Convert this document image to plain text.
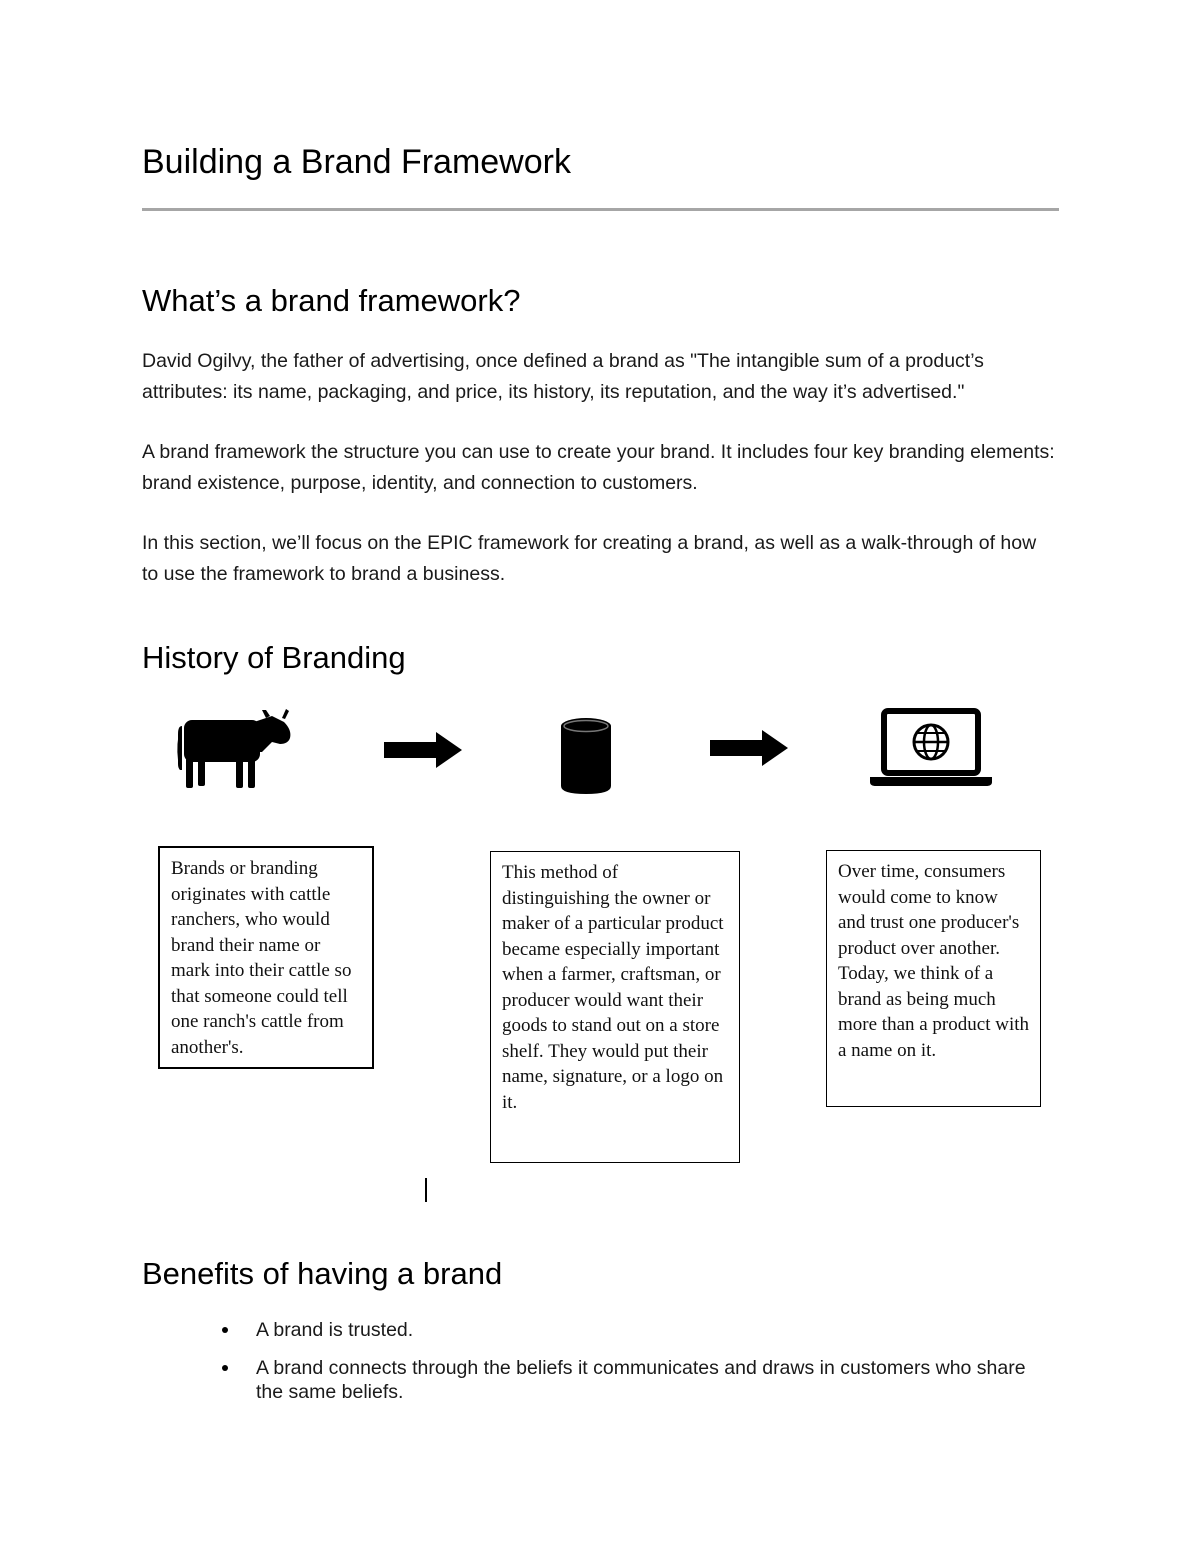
Building a Brand Framework
What’s a brand framework?

David Ogilvy, the father of advertising, once defined a brand as "The intangible sum of a product’s attributes: its name, packaging, and price, its history, its reputation, and the way it’s advertised."

A brand framework the structure you can use to create your brand. It includes four key branding elements: brand existence, purpose, identity, and connection to customers.

In this section, we’ll focus on the EPIC framework for creating a brand, as well as a walk-through of how to use the framework to brand a business.

History of Branding
Brands or branding originates with cattle ranchers, who would brand their name or mark into their cattle so that someone could tell one ranch's cattle from another's.
This method of distinguishing the owner or maker of a particular product became especially important when a farmer, craftsman, or producer would want their goods to stand out on a store shelf. They would put their name, signature, or a logo on it.
Over time, consumers would come to know and trust one producer's product over another. Today, we think of a brand as being much more than a product with a name on it.
Benefits of having a brand
A brand is trusted.
A brand connects through the beliefs it communicates and draws in customers who share the same beliefs.
